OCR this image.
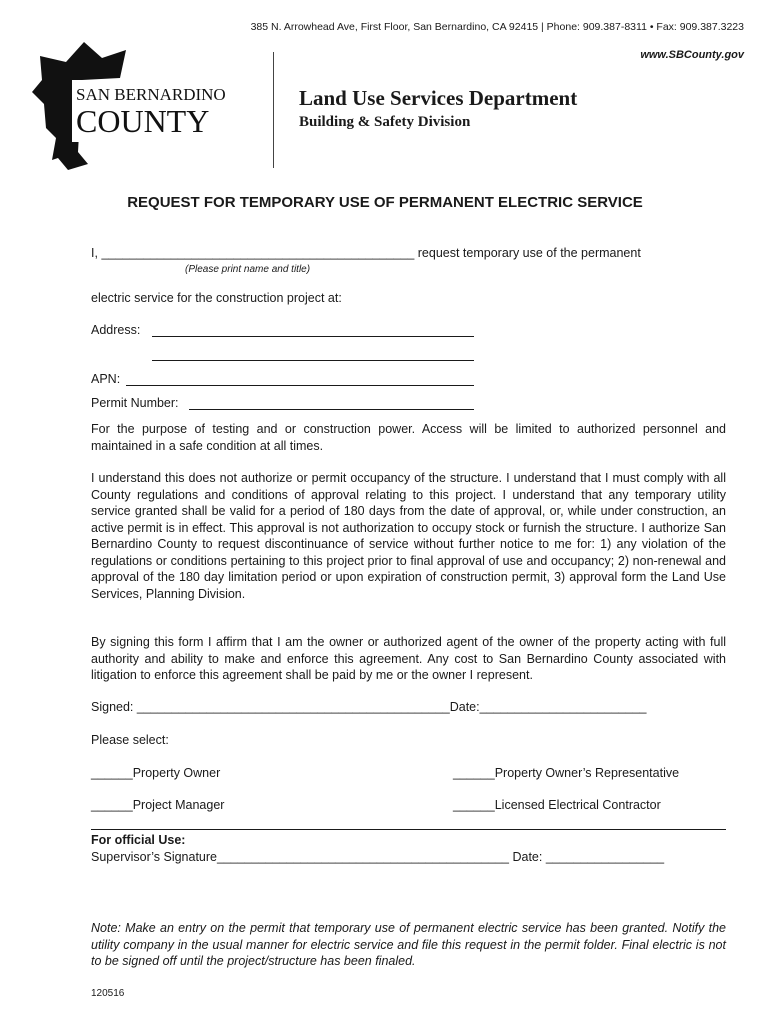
385 N. Arrowhead Ave, First Floor, San Bernardino, CA 92415 | Phone: 909.387-8311 • Fax: 909.387.3223
www.SBCounty.gov
SAN BERNARDINO
COUNTY
Land Use Services Department
Building & Safety Division
REQUEST FOR TEMPORARY USE OF PERMANENT ELECTRIC SERVICE
I, _____________________________________________ request temporary use of the permanent
(Please print name and title)
electric service for the construction project at:
Address:
APN:
Permit Number:
For the purpose of testing and or construction power. Access will be limited to authorized personnel and maintained in a safe condition at all times.
I understand this does not authorize or permit occupancy of the structure. I understand that I must comply with all County regulations and conditions of approval relating to this project. I understand that any temporary utility service granted shall be valid for a period of 180 days from the date of approval, or, while under construction, an active permit is in effect. This approval is not authorization to occupy stock or furnish the structure. I authorize San Bernardino County to request discontinuance of service without further notice to me for: 1) any violation of the regulations or conditions pertaining to this project prior to final approval of use and occupancy; 2) non-renewal and approval of the 180 day limitation period or upon expiration of construction permit, 3) approval form the Land Use Services, Planning Division.
By signing this form I affirm that I am the owner or authorized agent of the owner of the property acting with full authority and ability to make and enforce this agreement. Any cost to San Bernardino County associated with litigation to enforce this agreement shall be paid by me or the owner I represent.
Signed: _____________________________________________Date:________________________
Please select:
______Property Owner	______Property Owner’s Representative
______Project Manager	______Licensed Electrical Contractor
For official Use:
Supervisor’s Signature__________________________________________ Date: _________________
Note: Make an entry on the permit that temporary use of permanent electric service has been granted. Notify the utility company in the usual manner for electric service and file this request in the permit folder. Final electric is not to be signed off until the project/structure has been finaled.
120516
